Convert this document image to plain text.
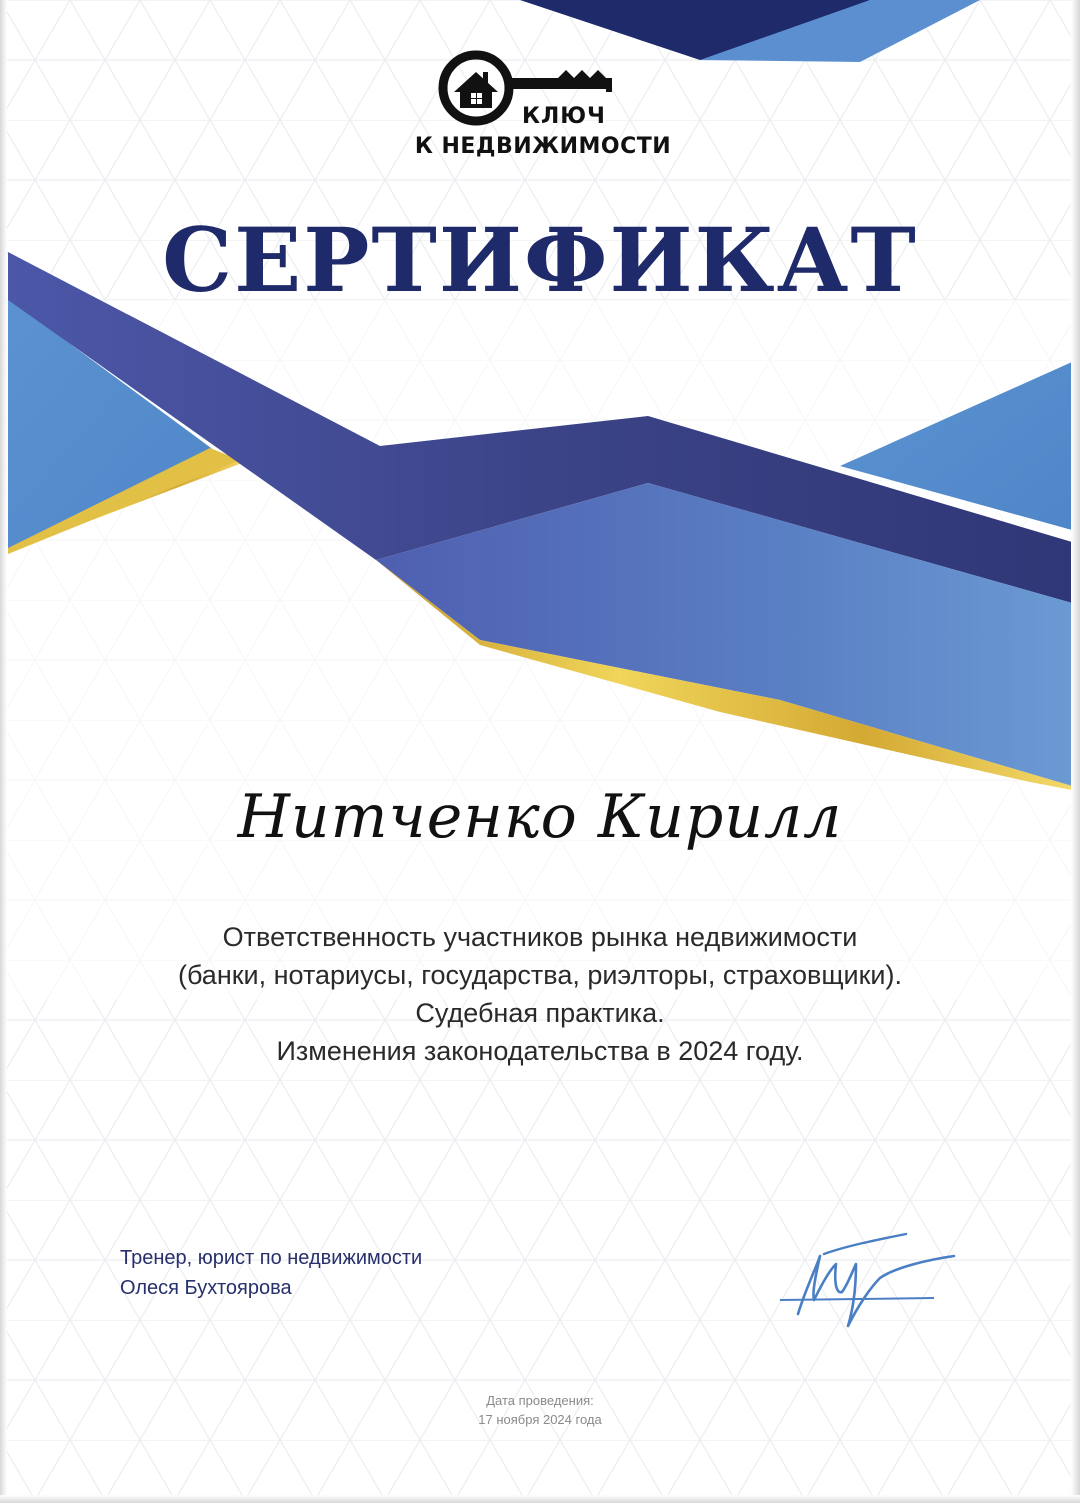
КЛЮЧ
К НЕДВИЖИМОСТИ
СЕРТИФИКАТ
Нитченко Кирилл
Ответственность участников рынка недвижимости
(банки, нотариусы, государства, риэлторы, страховщики).
Судебная практика.
Изменения законодательства в 2024 году.
Тренер, юрист по недвижимости
Олеся Бухтоярова
Дата проведения:
17 ноября 2024 года
